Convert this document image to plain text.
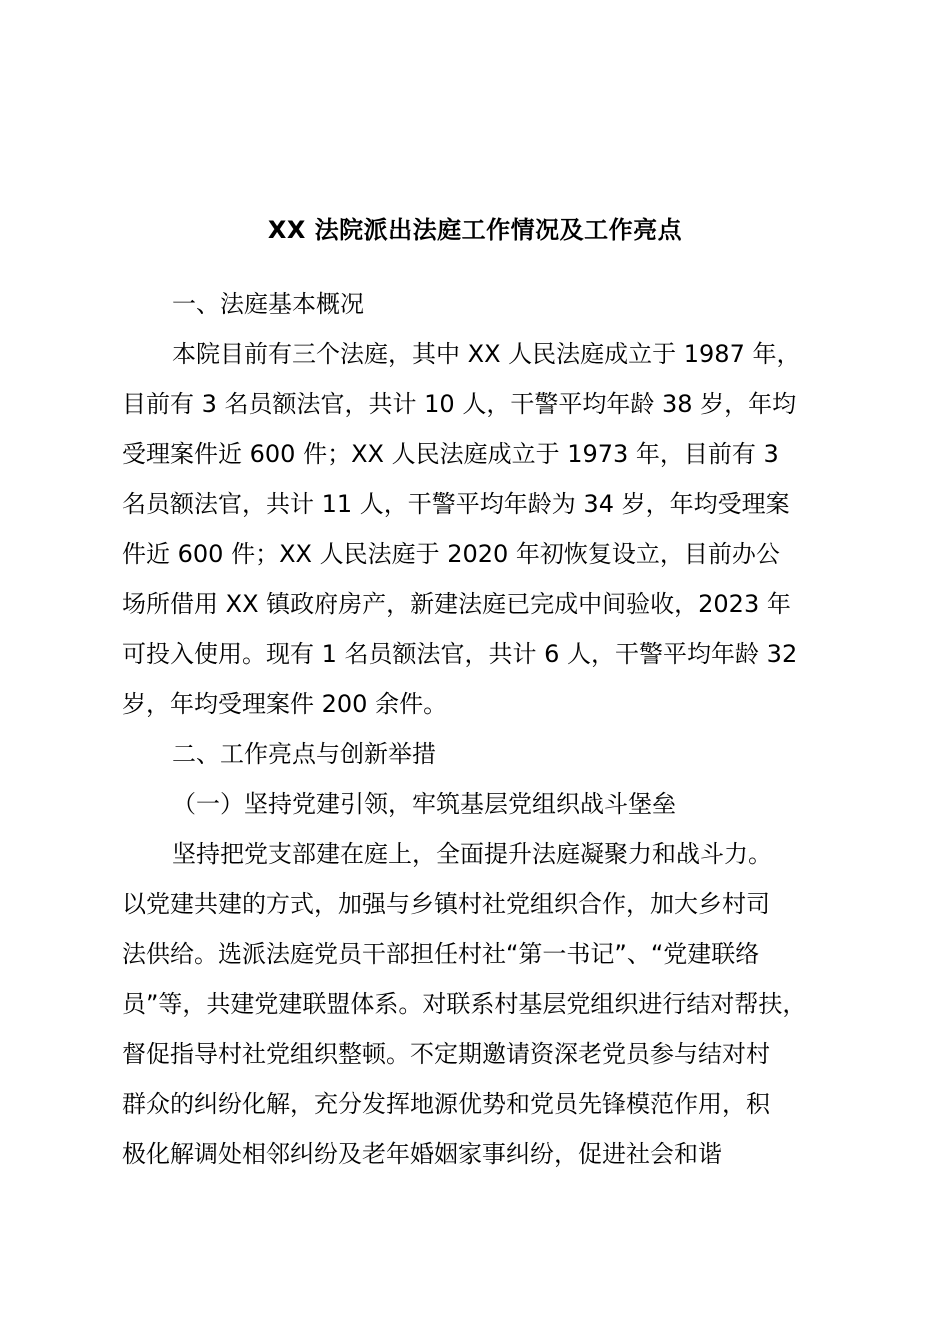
XX 法院派出法庭工作情况及工作亮点
一、法庭基本概况
本院目前有三个法庭，其中 XX 人民法庭成立于 1987 年，
目前有 3 名员额法官，共计 10 人，干警平均年龄 38 岁，年均
受理案件近 600 件；XX 人民法庭成立于 1973 年，目前有 3
名员额法官，共计 11 人，干警平均年龄为 34 岁，年均受理案
件近 600 件；XX 人民法庭于 2020 年初恢复设立，目前办公
场所借用 XX 镇政府房产，新建法庭已完成中间验收，2023 年
可投入使用。现有 1 名员额法官，共计 6 人，干警平均年龄 32
岁，年均受理案件 200 余件。
二、工作亮点与创新举措
（一）坚持党建引领，牢筑基层党组织战斗堡垒
坚持把党支部建在庭上，全面提升法庭凝聚力和战斗力。
以党建共建的方式，加强与乡镇村社党组织合作，加大乡村司
法供给。选派法庭党员干部担任村社“第一书记”、“党建联络
员”等，共建党建联盟体系。对联系村基层党组织进行结对帮扶，
督促指导村社党组织整顿。不定期邀请资深老党员参与结对村
群众的纠纷化解，充分发挥地源优势和党员先锋模范作用，积
极化解调处相邻纠纷及老年婚姻家事纠纷，促进社会和谐
